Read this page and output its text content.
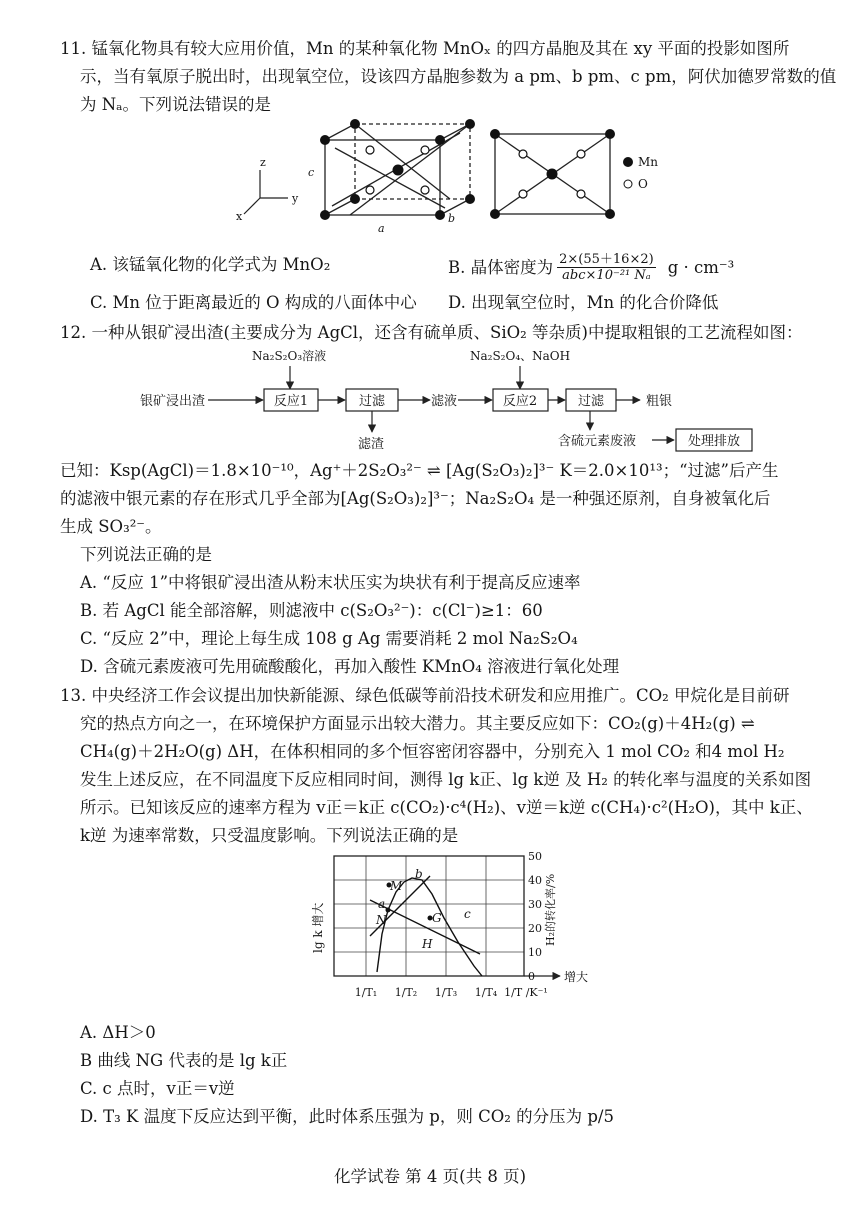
11. 锰氧化物具有较大应用价值，Mn 的某种氧化物 MnOₓ 的四方晶胞及其在 xy 平面的投影如图所
示，当有氧原子脱出时，出现氧空位，设该四方晶胞参数为 a pm、b pm、c pm，阿伏加德罗常数的值
为 Nₐ。下列说法错误的是
z
y
x
c
a
b
Mn
O
A. 该锰氧化物的化学式为 MnO₂	B. 晶体密度为 2×(55＋16×2)
abc×10⁻²¹ Nₐ g · cm⁻³
C. Mn 位于距离最近的 O 构成的八面体中心 D. 出现氧空位时，Mn 的化合价降低
12. 一种从银矿浸出渣(主要成分为 AgCl，还含有硫单质、SiO₂ 等杂质)中提取粗银的工艺流程如图：
Na₂S₂O₃溶液	Na₂S₂O₄、NaOH
银矿浸出渣	反应1	过滤	滤液	反应2	过滤	粗银
滤渣	含硫元素废液	处理排放
已知：Ksp(AgCl)＝1.8×10⁻¹⁰，Ag⁺＋2S₂O₃²⁻ ⇌ [Ag(S₂O₃)₂]³⁻ K＝2.0×10¹³；“过滤”后产生
的滤液中银元素的存在形式几乎全部为[Ag(S₂O₃)₂]³⁻；Na₂S₂O₄ 是一种强还原剂，自身被氧化后
生成 SO₃²⁻。
下列说法正确的是
A. “反应 1”中将银矿浸出渣从粉末状压实为块状有利于提高反应速率
B. 若 AgCl 能全部溶解，则滤液中 c(S₂O₃²⁻)：c(Cl⁻)≥1：60
C. “反应 2”中，理论上每生成 108 g Ag 需要消耗 2 mol Na₂S₂O₄
D. 含硫元素废液可先用硫酸酸化，再加入酸性 KMnO₄ 溶液进行氧化处理
13. 中央经济工作会议提出加快新能源、绿色低碳等前沿技术研发和应用推广。CO₂ 甲烷化是目前研
究的热点方向之一，在环境保护方面显示出较大潜力。其主要反应如下：CO₂(g)＋4H₂(g) ⇌
CH₄(g)＋2H₂O(g) ΔH，在体积相同的多个恒容密闭容器中，分别充入 1 mol CO₂ 和4 mol H₂
发生上述反应，在不同温度下反应相同时间，测得 lg k正、lg k逆 及 H₂ 的转化率与温度的关系如图
所示。已知该反应的速率方程为 v正＝k正 c(CO₂)·c⁴(H₂)、v逆＝k逆 c(CH₄)·c²(H₂O)，其中 k正、
k逆 为速率常数，只受温度影响。下列说法正确的是
M
a
b
N	G c
H
lg k 增大	H₂的转化率/%
50
40
30
20
10
0
1/T₁ 1/T₂ 1/T₃ 1/T₄ 1/T /K⁻¹
增大
A. ΔH＞0
B 曲线 NG 代表的是 lg k正
C. c 点时，v正＝v逆
D. T₃ K 温度下反应达到平衡，此时体系压强为 p，则 CO₂ 的分压为 p/5
化学试卷 第 4 页(共 8 页)
